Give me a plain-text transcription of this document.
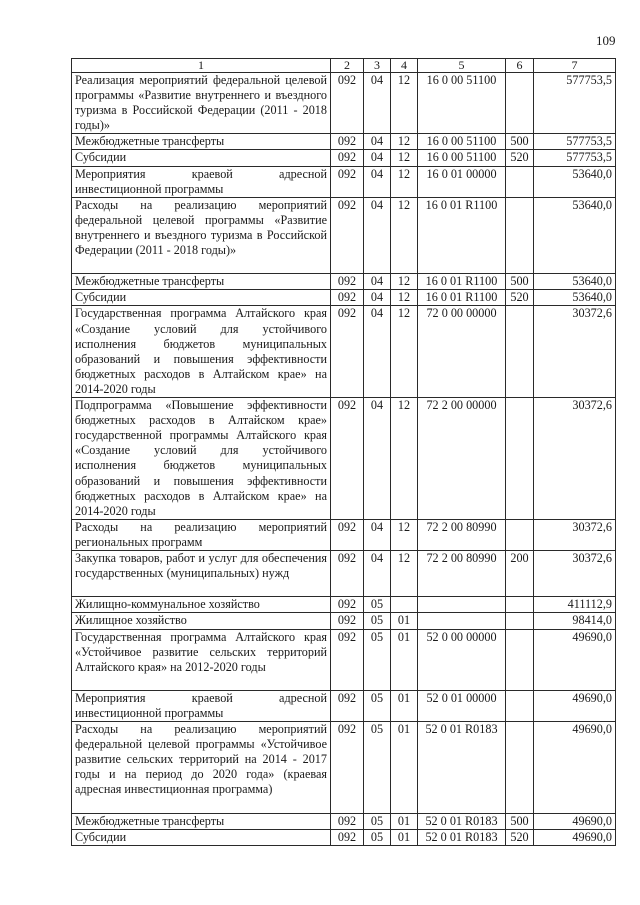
109
1	2	3	4	5	6	7
Реализация мероприятий федеральной целевой программы «Развитие внутреннего и въездного туризма в Российской Федерации (2011 - 2018 годы)»	092	04	12	16 0 00 51100		577753,5
Межбюджетные трансферты	092	04	12	16 0 00 51100	500	577753,5
Субсидии	092	04	12	16 0 00 51100	520	577753,5
Мероприятия краевой адресной инвестиционной программы	092	04	12	16 0 01 00000		53640,0
Расходы на реализацию мероприятий федеральной целевой программы «Развитие внутреннего и въездного туризма в Российской Федерации (2011 - 2018 годы)»	092	04	12	16 0 01 R1100		53640,0
Межбюджетные трансферты	092	04	12	16 0 01 R1100	500	53640,0
Субсидии	092	04	12	16 0 01 R1100	520	53640,0
Государственная программа Алтайского края «Создание условий для устойчивого исполнения бюджетов муниципальных образований и повышения эффективности бюджетных расходов в Алтайском крае» на 2014-2020 годы	092	04	12	72 0 00 00000		30372,6
Подпрограмма «Повышение эффективности бюджетных расходов в Алтайском крае» государственной программы Алтайского края «Создание условий для устойчивого исполнения бюджетов муниципальных образований и повышения эффективности бюджетных расходов в Алтайском крае» на 2014-2020 годы	092	04	12	72 2 00 00000		30372,6
Расходы на реализацию мероприятий региональных программ	092	04	12	72 2 00 80990		30372,6
Закупка товаров, работ и услуг для обеспечения государственных (муниципальных) нужд	092	04	12	72 2 00 80990	200	30372,6
Жилищно-коммунальное хозяйство	092	05				411112,9
Жилищное хозяйство	092	05	01			98414,0
Государственная программа Алтайского края «Устойчивое развитие сельских территорий Алтайского края» на 2012-2020 годы	092	05	01	52 0 00 00000		49690,0
Мероприятия краевой адресной инвестиционной программы	092	05	01	52 0 01 00000		49690,0
Расходы на реализацию мероприятий федеральной целевой программы «Устойчивое развитие сельских территорий на 2014 - 2017 годы и на период до 2020 года» (краевая адресная инвестиционная программа)	092	05	01	52 0 01 R0183		49690,0
Межбюджетные трансферты	092	05	01	52 0 01 R0183	500	49690,0
Субсидии	092	05	01	52 0 01 R0183	520	49690,0
